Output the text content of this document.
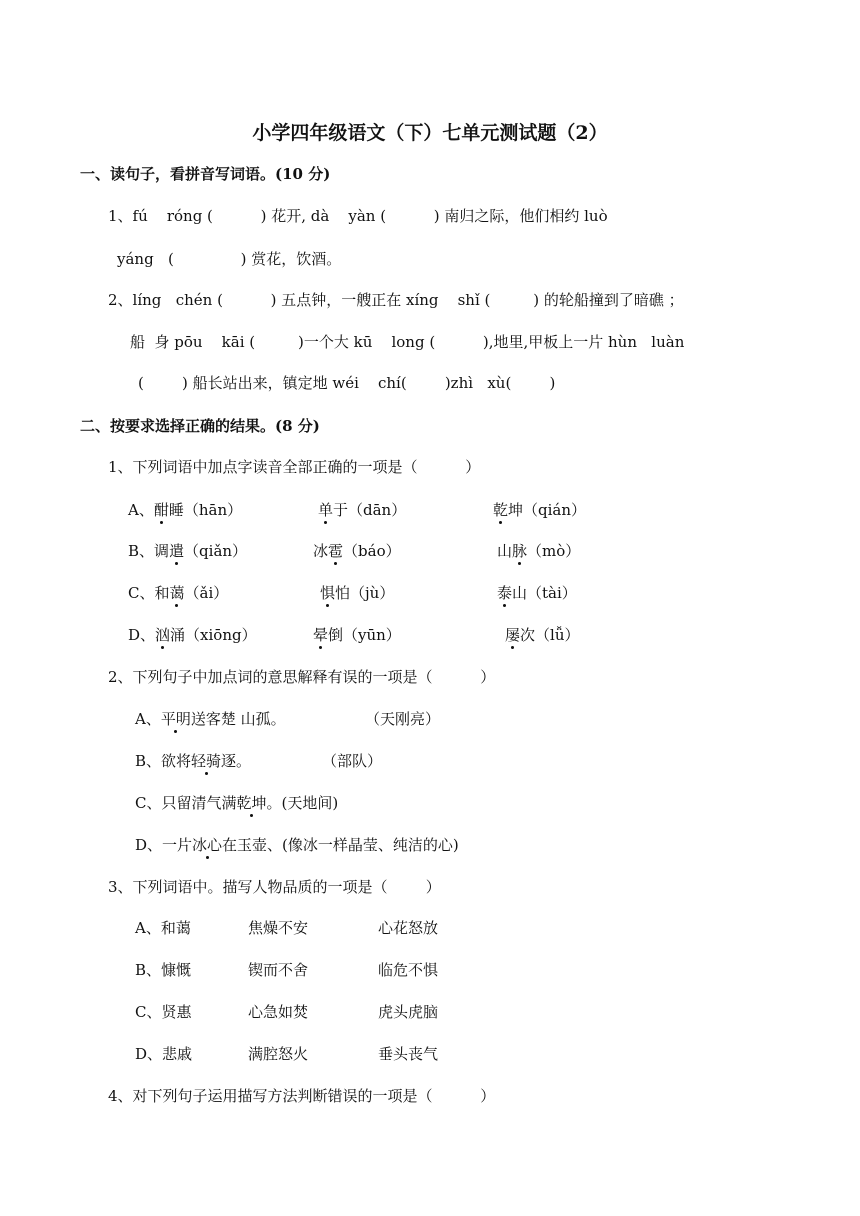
小学四年级语文（下）七单元测试题（2）
一、读句子，看拼音写词语。(10 分)
1、fú    róng (          ) 花开, dà    yàn (          ) 南归之际，他们相约 luò
yáng   (              ) 赏花，饮酒。
2、líng   chén (          ) 五点钟，一艘正在 xíng    shǐ (         ) 的轮船撞到了暗礁 ；
船  身 pōu    kāi (         )一个大 kū    long (          ),地里,甲板上一片 hùn   luàn
(        ) 船长站出来，镇定地 wéi    chí(        )zhì   xù(        )
二、按要求选择正确的结果。(8 分)
1、下列词语中加点字读音全部正确的一项是（          ）
A、酣睡（hān）	单于（dān）	乾坤（qián）
B、调遣（qiǎn）	冰雹（báo）	山脉（mò）
C、和蔼（ǎi）	惧怕（jù）	泰山（tài）
D、汹涌（xiōng）	晕倒（yūn）	屡次（lǚ）
2、下列句子中加点词的意思解释有误的一项是（          ）
A、平明送客楚 山孤。	（天刚亮）
B、欲将轻骑逐。	（部队）
C、只留清气满乾坤。(天地间)
D、一片冰心在玉壶、(像冰一样晶莹、纯洁的心)
3、下列词语中。描写人物品质的一项是（        ）
A、和蔼	焦燥不安	心花怒放
B、慷慨	锲而不舍	临危不惧
C、贤惠	心急如焚	虎头虎脑
D、悲戚	满腔怒火	垂头丧气
4、对下列句子运用描写方法判断错误的一项是（          ）
